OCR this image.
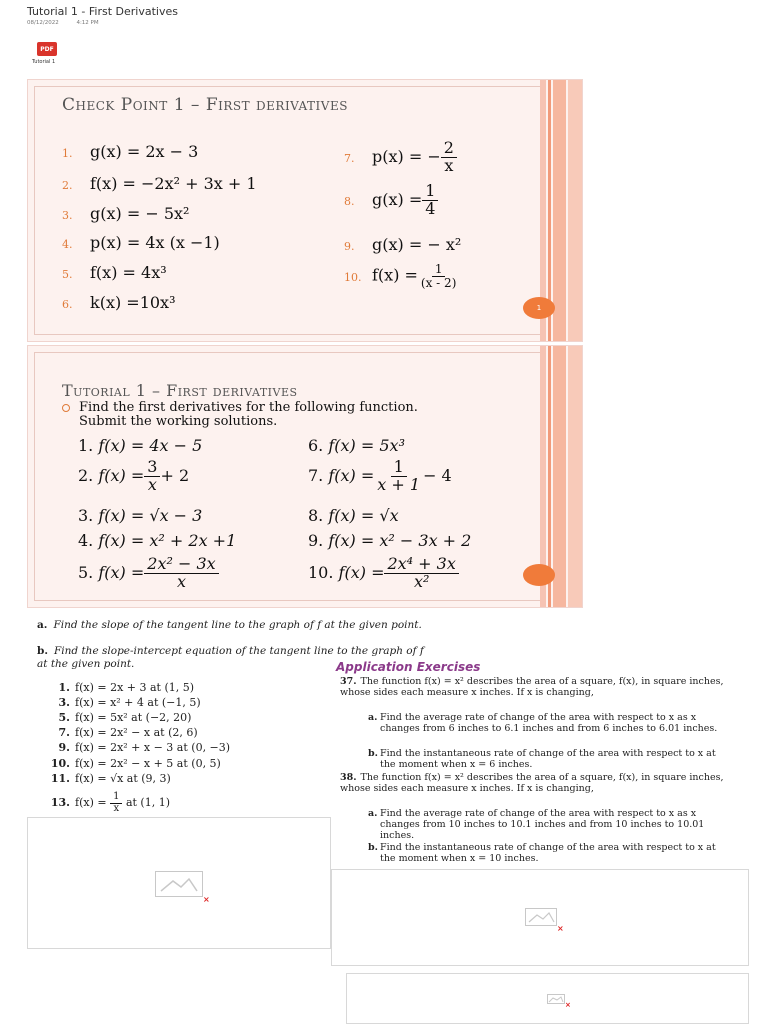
Tutorial 1 - First Derivatives
08/12/2022	4:12 PM
PDF
Tutorial 1
Check Point 1 – First derivatives
1. g(x) = 2x − 3
2. f(x) = −2x² + 3x + 1
3. g(x) = − 5x²
4. p(x) = 4x (x −1)
5. f(x) = 4x³
6. k(x) =10x³
7. p(x) = − $\frac{2}{x}$
8. $g(x) = \frac{1}{4}$
9. g(x) = − x²
10. $f(x) = \frac{1}{(x - 2)}$
1
Tutorial 1 – First derivatives
Find the first derivatives for the following function. Submit the working solutions.
1. f(x) = 4x − 5
2. $f(x) = \frac{3}{x} + 2$
3. f(x) = √x − 3
4. f(x) = x² + 2x +1
5. $f(x) = \frac{\text{2x² − 3x}}{x}$
6. f(x) = 5x³
7. $f(x) = \frac{1}{x + 1} - 4$
8. f(x) = √x
9. f(x) = x² − 3x + 2
10. $f(x) = \frac{\text{2x⁴ + 3x}}{\text{x²}}$
a. Find the slope of the tangent line to the graph of f at the given point.
b. Find the slope-intercept equation of the tangent line to the graph of f at the given point.
1. f(x) = 2x + 3 at (1, 5)
3. f(x) = x² + 4 at (−1, 5)
5. f(x) = 5x² at (−2, 20)
7. f(x) = 2x² − x at (2, 6)
9. f(x) = 2x² + x − 3 at (0, −3)
10. f(x) = 2x² − x + 5 at (0, 5)
11. f(x) = √x at (9, 3)
13. $f(x) = \frac{1}{x}$ at (1, 1)
Application Exercises
37. The function f(x) = x² describes the area of a square, f(x), in square inches, whose sides each measure x inches. If x is changing,
a. Find the average rate of change of the area with respect to x as x changes from 6 inches to 6.1 inches and from 6 inches to 6.01 inches.
b. Find the instantaneous rate of change of the area with respect to x at the moment when x = 6 inches.
38. The function f(x) = x² describes the area of a square, f(x), in square inches, whose sides each measure x inches. If x is changing,
a. Find the average rate of change of the area with respect to x as x changes from 10 inches to 10.1 inches and from 10 inches to 10.01 inches.
b. Find the instantaneous rate of change of the area with respect to x at the moment when x = 10 inches.
×
×
×
